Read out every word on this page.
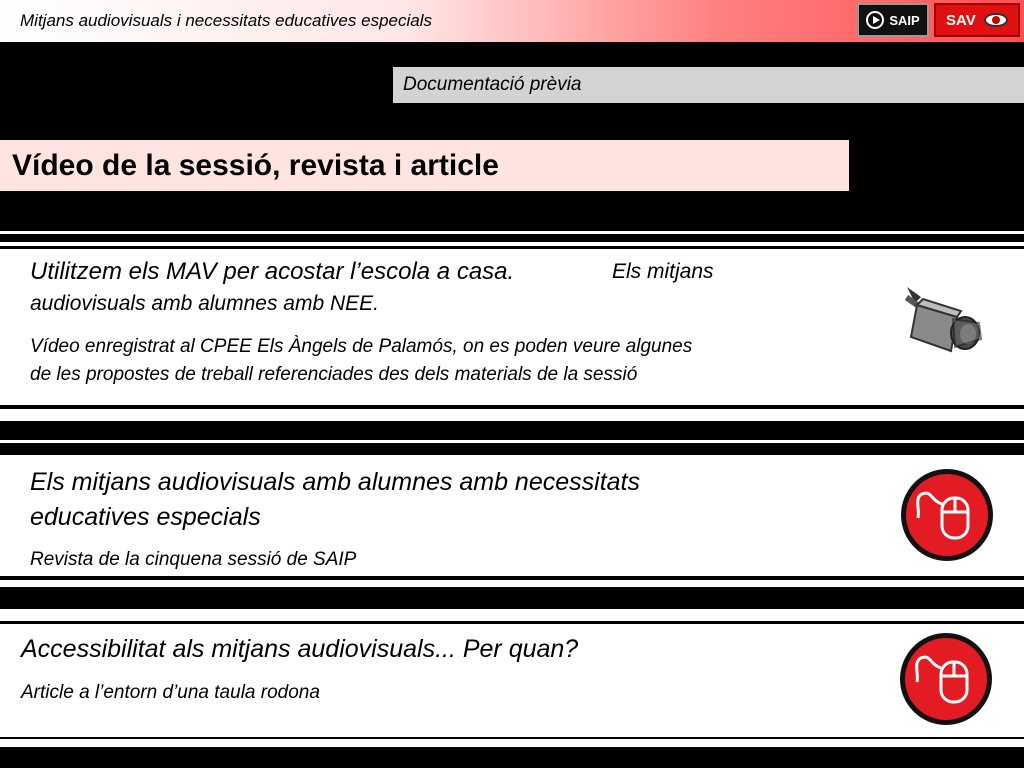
Mitjans audiovisuals i necessitats educatives especials	SAIP SAV
Documentació prèvia
Vídeo de la sessió, revista i article
Utilitzem els MAV per acostar l’escola a casa.	Els mitjans
audiovisuals amb alumnes amb NEE.
Vídeo enregistrat al CPEE Els Àngels de Palamós, on es poden veure algunes
de les propostes de treball referenciades des dels materials de la sessió
Els mitjans audiovisuals amb alumnes amb necessitats
educatives especials
Revista de la cinquena sessió de SAIP
Accessibilitat als mitjans audiovisuals... Per quan?
Article a l’entorn d’una taula rodona
